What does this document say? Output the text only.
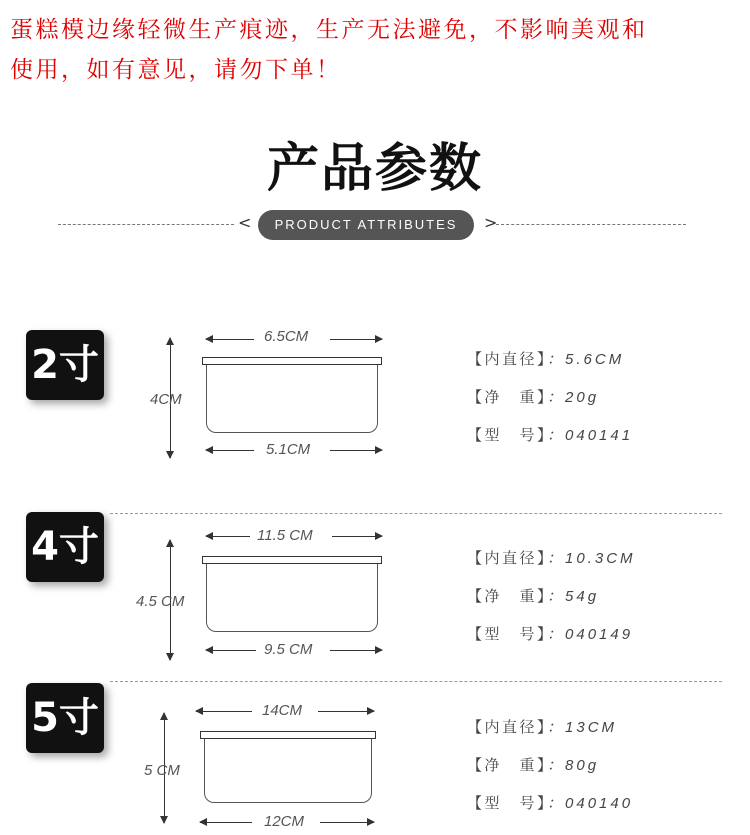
蛋糕模边缘轻微生产痕迹，生产无法避免，不影响美观和
使用，如有意见，请勿下单！
产品参数
<	PRODUCT ATTRIBUTES	>
2寸
6.5CM
4CM
5.1CM
【内直径】：5.6CM
【净　重】：20g
【型　号】：040141
4寸	11.5 CM
4.5 CM
9.5 CM
【内直径】：10.3CM
【净　重】：54g
【型　号】：040149
5寸	14CM
5 CM
12CM
【内直径】：13CM
【净　重】：80g
【型　号】：040140
